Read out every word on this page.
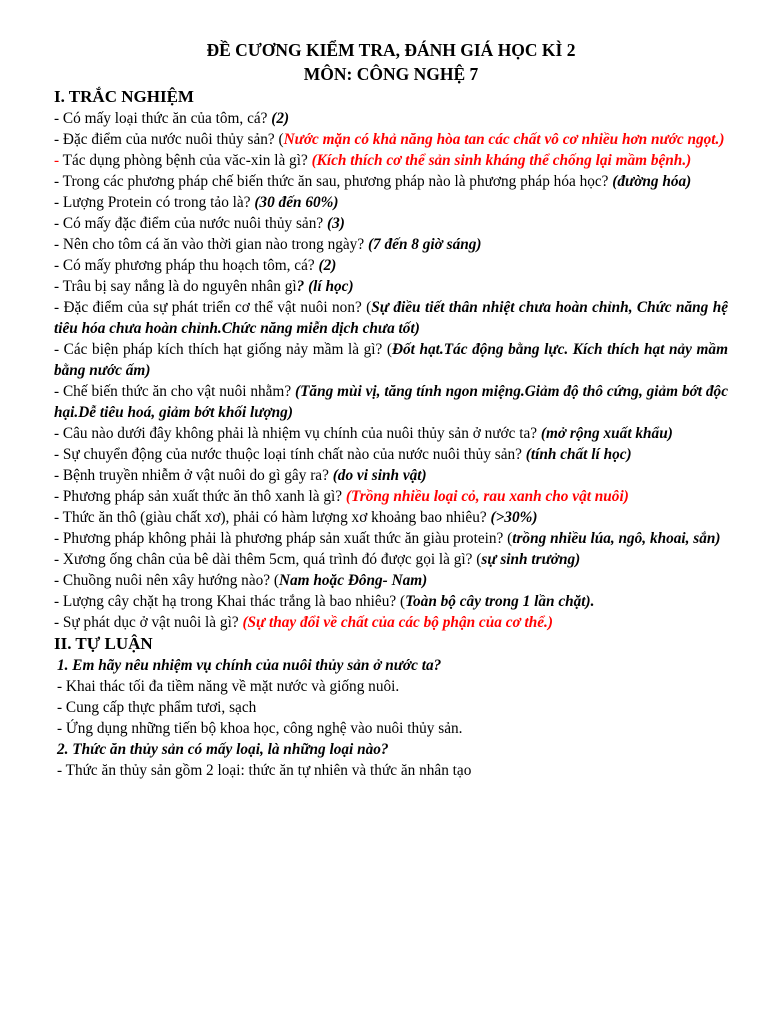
ĐỀ CƯƠNG KIỂM TRA, ĐÁNH GIÁ HỌC KÌ 2
MÔN: CÔNG NGHỆ 7
I. TRẮC NGHIỆM

- Có mấy loại thức ăn của tôm, cá? (2)

- Đặc điểm của nước nuôi thủy sản? (Nước mặn có khả năng hòa tan các chất vô cơ nhiều hơn nước ngọt.)

- Tác dụng phòng bệnh của văc-xin là gì? (Kích thích cơ thể sản sinh kháng thể chống lại mầm bệnh.)

- Trong các phương pháp chế biến thức ăn sau, phương pháp nào là phương pháp hóa học? (đường hóa)

- Lượng Protein có trong tảo là? (30 đến 60%)

- Có mấy đặc điểm của nước nuôi thủy sản? (3)

- Nên cho tôm cá ăn vào thời gian nào trong ngày? (7 đến 8 giờ sáng)

- Có mấy phương pháp thu hoạch tôm, cá? (2)

- Trâu bị say nắng là do nguyên nhân gì? (lí học)

- Đặc điểm của sự phát triển cơ thể vật nuôi non? (Sự điều tiết thân nhiệt chưa hoàn chỉnh, Chức năng hệ tiêu hóa chưa hoàn chỉnh.Chức năng miễn dịch chưa tốt)

- Các biện pháp kích thích hạt giống nảy mầm là gì? (Đốt hạt.Tác động bằng lực. Kích thích hạt nảy mầm bằng nước ấm)

- Chế biến thức ăn cho vật nuôi nhằm? (Tăng mùi vị, tăng tính ngon miệng.Giảm độ thô cứng, giảm bớt độc hại.Dễ tiêu hoá, giảm bớt khối lượng)

- Câu nào dưới đây không phải là nhiệm vụ chính của nuôi thủy sản ở nước ta? (mở rộng xuất khẩu)

- Sự chuyển động của nước thuộc loại tính chất nào của nước nuôi thủy sản? (tính chất lí học)

- Bệnh truyền nhiễm ở vật nuôi do gì gây ra? (do vi sinh vật)

- Phương pháp sản xuất thức ăn thô xanh là gì? (Trồng nhiều loại cỏ, rau xanh cho vật nuôi)

- Thức ăn thô (giàu chất xơ), phải có hàm lượng xơ khoảng bao nhiêu? (>30%)

- Phương pháp không phải là phương pháp sản xuất thức ăn giàu protein? (trồng nhiều lúa, ngô, khoai, sắn)

- Xương ống chân của bê dài thêm 5cm, quá trình đó được gọi là gì? (sự sinh trưởng)

- Chuồng nuôi nên xây hướng nào? (Nam hoặc Đông- Nam)

- Lượng cây chặt hạ trong Khai thác trắng là bao nhiêu? (Toàn bộ cây trong 1 lần chặt).

- Sự phát dục ở vật nuôi là gì? (Sự thay đổi về chất của các bộ phận của cơ thể.)

II. TỰ LUẬN
1. Em hãy nêu nhiệm vụ chính của nuôi thủy sản ở nước ta?
- Khai thác tối đa tiềm năng về mặt nước và giống nuôi.
- Cung cấp thực phẩm tươi, sạch
- Ứng dụng những tiến bộ khoa học, công nghệ vào nuôi thủy sản.
2. Thức ăn thủy sản có mấy loại, là những loại nào?
- Thức ăn thủy sản gồm 2 loại: thức ăn tự nhiên và thức ăn nhân tạo
